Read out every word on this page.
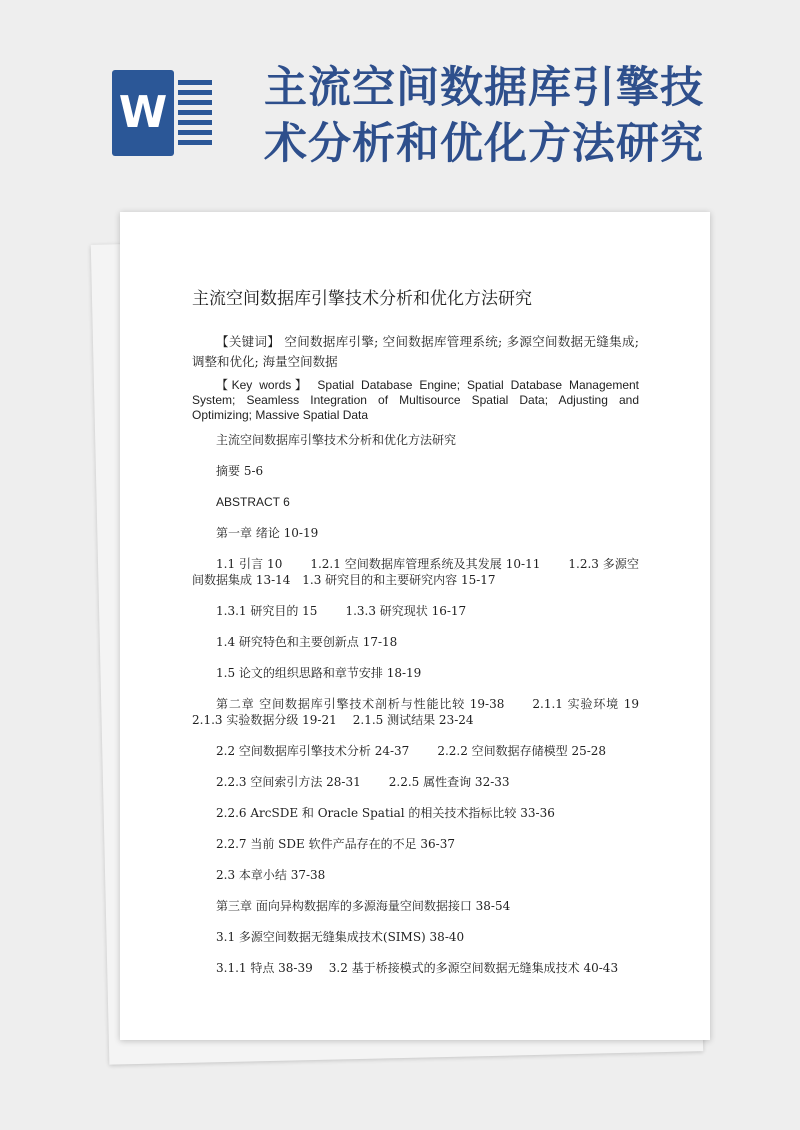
W 主流空间数据库引擎技术分析和优化方法研究
主流空间数据库引擎技术分析和优化方法研究
【关键词】 空间数据库引擎; 空间数据库管理系统; 多源空间数据无缝集成; 调整和优化; 海量空间数据
【Key words】 Spatial Database Engine; Spatial Database Management System; Seamless Integration of Multisource Spatial Data; Adjusting and Optimizing; Massive Spatial Data
主流空间数据库引擎技术分析和优化方法研究
摘要 5-6
ABSTRACT 6
第一章 绪论 10-19
1.1 引言 10 1.2.1 空间数据库管理系统及其发展 10-11 1.2.3 多源空间数据集成 13-14 1.3 研究目的和主要研究内容 15-17
1.3.1 研究目的 15 1.3.3 研究现状 16-17
1.4 研究特色和主要创新点 17-18
1.5 论文的组织思路和章节安排 18-19
第二章 空间数据库引擎技术剖析与性能比较 19-38 2.1.1 实验环境 19 2.1.3 实验数据分级 19-21 2.1.5 测试结果 23-24
2.2 空间数据库引擎技术分析 24-37 2.2.2 空间数据存储模型 25-28
2.2.3 空间索引方法 28-31 2.2.5 属性查询 32-33
2.2.6 ArcSDE 和 Oracle Spatial 的相关技术指标比较 33-36
2.2.7 当前 SDE 软件产品存在的不足 36-37
2.3 本章小结 37-38
第三章 面向异构数据库的多源海量空间数据接口 38-54
3.1 多源空间数据无缝集成技术(SIMS) 38-40
3.1.1 特点 38-39 3.2 基于桥接模式的多源空间数据无缝集成技术 40-43
